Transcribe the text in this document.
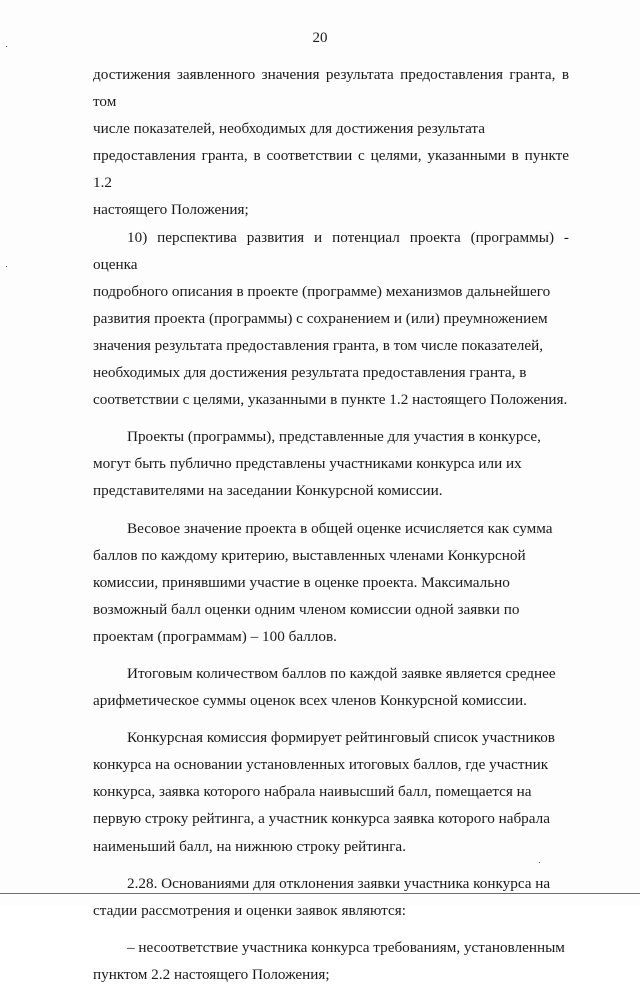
20

достижения заявленного значения результата предоставления гранта, в том
числе показателей, необходимых для достижения результата
предоставления гранта, в соответствии с целями, указанными в пункте 1.2
настоящего Положения;

10) перспектива развития и потенциал проекта (программы) - оценка
подробного описания в проекте (программе) механизмов дальнейшего
развития проекта (программы) с сохранением и (или) преумножением
значения результата предоставления гранта, в том числе показателей,
необходимых для достижения результата предоставления гранта, в
соответствии с целями, указанными в пункте 1.2 настоящего Положения.

Проекты (программы), представленные для участия в конкурсе,
могут быть публично представлены участниками конкурса или их
представителями на заседании Конкурсной комиссии.

Весовое значение проекта в общей оценке исчисляется как сумма
баллов по каждому критерию, выставленных членами Конкурсной
комиссии, принявшими участие в оценке проекта. Максимально
возможный балл оценки одним членом комиссии одной заявки по
проектам (программам) – 100 баллов.

Итоговым количеством баллов по каждой заявке является среднее
арифметическое суммы оценок всех членов Конкурсной комиссии.

Конкурсная комиссия формирует рейтинговый список участников
конкурса на основании установленных итоговых баллов, где участник
конкурса, заявка которого набрала наивысший балл, помещается на
первую строку рейтинга, а участник конкурса заявка которого набрала
наименьший балл, на нижнюю строку рейтинга.

2.28. Основаниями для отклонения заявки участника конкурса на
стадии рассмотрения и оценки заявок являются:

– несоответствие участника конкурса требованиям, установленным
пунктом 2.2 настоящего Положения;
